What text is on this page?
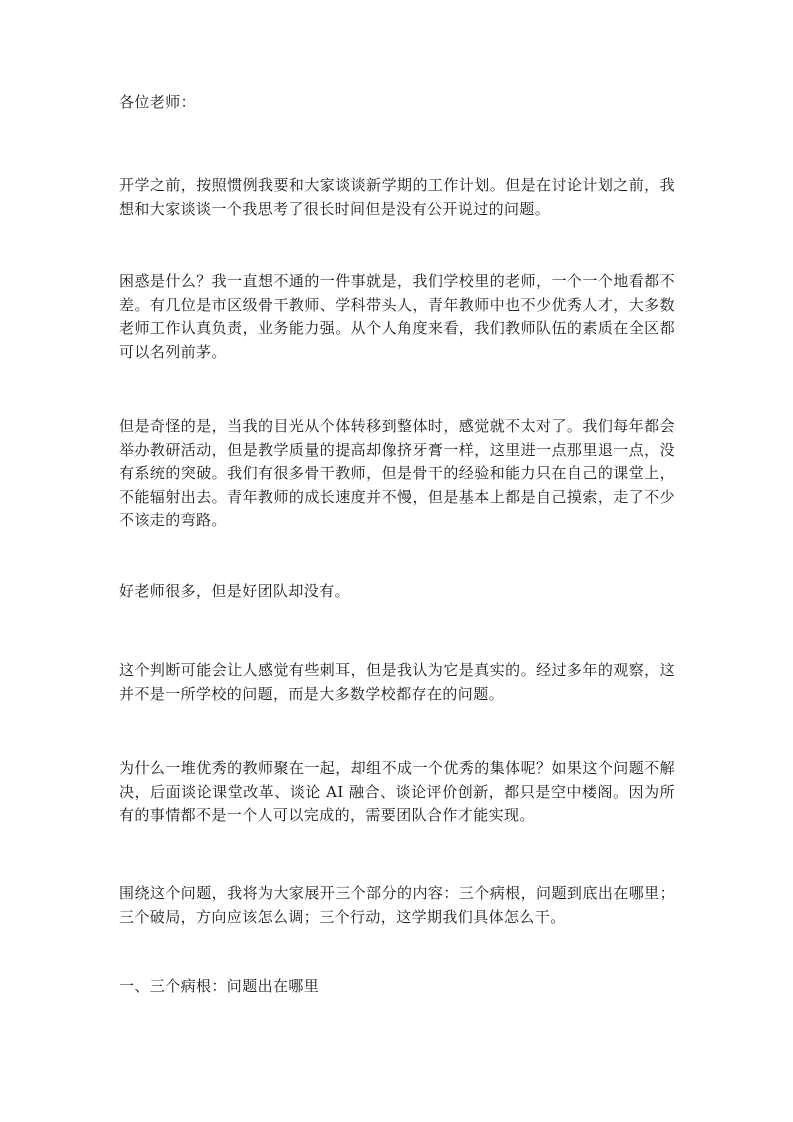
各位老师：

开学之前，按照惯例我要和大家谈谈新学期的工作计划。但是在讨论计划之前，我想和大家谈谈一个我思考了很长时间但是没有公开说过的问题。

困惑是什么？我一直想不通的一件事就是，我们学校里的老师，一个一个地看都不差。有几位是市区级骨干教师、学科带头人，青年教师中也不少优秀人才，大多数老师工作认真负责，业务能力强。从个人角度来看，我们教师队伍的素质在全区都可以名列前茅。

但是奇怪的是，当我的目光从个体转移到整体时，感觉就不太对了。我们每年都会举办教研活动，但是教学质量的提高却像挤牙膏一样，这里进一点那里退一点，没有系统的突破。我们有很多骨干教师，但是骨干的经验和能力只在自己的课堂上，不能辐射出去。青年教师的成长速度并不慢，但是基本上都是自己摸索，走了不少不该走的弯路。

好老师很多，但是好团队却没有。

这个判断可能会让人感觉有些刺耳，但是我认为它是真实的。经过多年的观察，这并不是一所学校的问题，而是大多数学校都存在的问题。

为什么一堆优秀的教师聚在一起，却组不成一个优秀的集体呢？如果这个问题不解决，后面谈论课堂改革、谈论 AI 融合、谈论评价创新，都只是空中楼阁。因为所有的事情都不是一个人可以完成的，需要团队合作才能实现。

围绕这个问题，我将为大家展开三个部分的内容：三个病根，问题到底出在哪里；三个破局，方向应该怎么调；三个行动，这学期我们具体怎么干。

一、三个病根：问题出在哪里
